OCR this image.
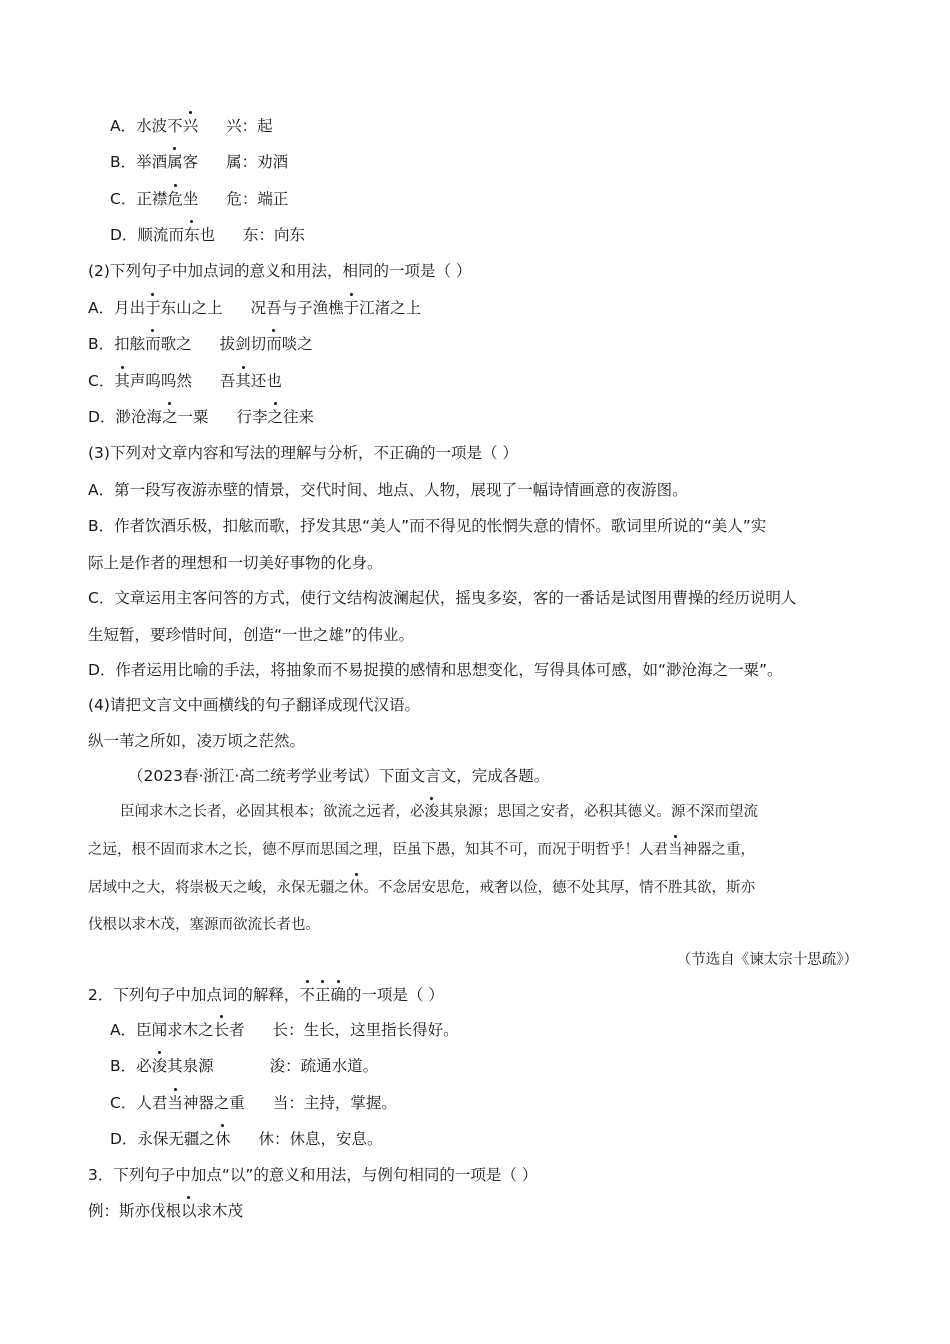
A．水波不兴 兴：起
B．举酒属客 属：劝酒
C．正襟危坐 危：端正
D．顺流而东也 东：向东
(2)下列句子中加点词的意义和用法，相同的一项是（ ）
A．月出于东山之上 况吾与子渔樵于江渚之上
B．扣舷而歌之 拔剑切而啖之
C．其声呜呜然 吾其还也
D．渺沧海之一粟 行李之往来
(3)下列对文章内容和写法的理解与分析，不正确的一项是（ ）
A．第一段写夜游赤壁的情景，交代时间、地点、人物，展现了一幅诗情画意的夜游图。
B．作者饮酒乐极，扣舷而歌，抒发其思“美人”而不得见的怅惘失意的情怀。歌词里所说的“美人”实
际上是作者的理想和一切美好事物的化身。
C．文章运用主客问答的方式，使行文结构波澜起伏，摇曳多姿，客的一番话是试图用曹操的经历说明人
生短暂，要珍惜时间，创造“一世之雄”的伟业。
D．作者运用比喻的手法，将抽象而不易捉摸的感情和思想变化，写得具体可感，如“渺沧海之一粟”。
(4)请把文言文中画横线的句子翻译成现代汉语。
纵一苇之所如，凌万顷之茫然。
（2023春·浙江·高二统考学业考试）下面文言文，完成各题。
臣闻求木之长者，必固其根本；欲流之远者，必浚其泉源；思国之安者，必积其德义。源不深而望流
之远，根不固而求木之长，德不厚而思国之理，臣虽下愚，知其不可，而况于明哲乎！人君当神器之重，
居域中之大，将崇极天之峻，永保无疆之休。不念居安思危，戒奢以俭，德不处其厚，情不胜其欲，斯亦
伐根以求木茂，塞源而欲流长者也。
（节选自《谏太宗十思疏》）
2．下列句子中加点词的解释，不正确的一项是（ ）
A．臣闻求木之长者 长：生长，这里指长得好。
B．必浚其泉源	浚：疏通水道。
C．人君当神器之重 当：主持，掌握。
D．永保无疆之休 休：休息，安息。
3．下列句子中加点“以”的意义和用法，与例句相同的一项是（ ）
例：斯亦伐根以求木茂
